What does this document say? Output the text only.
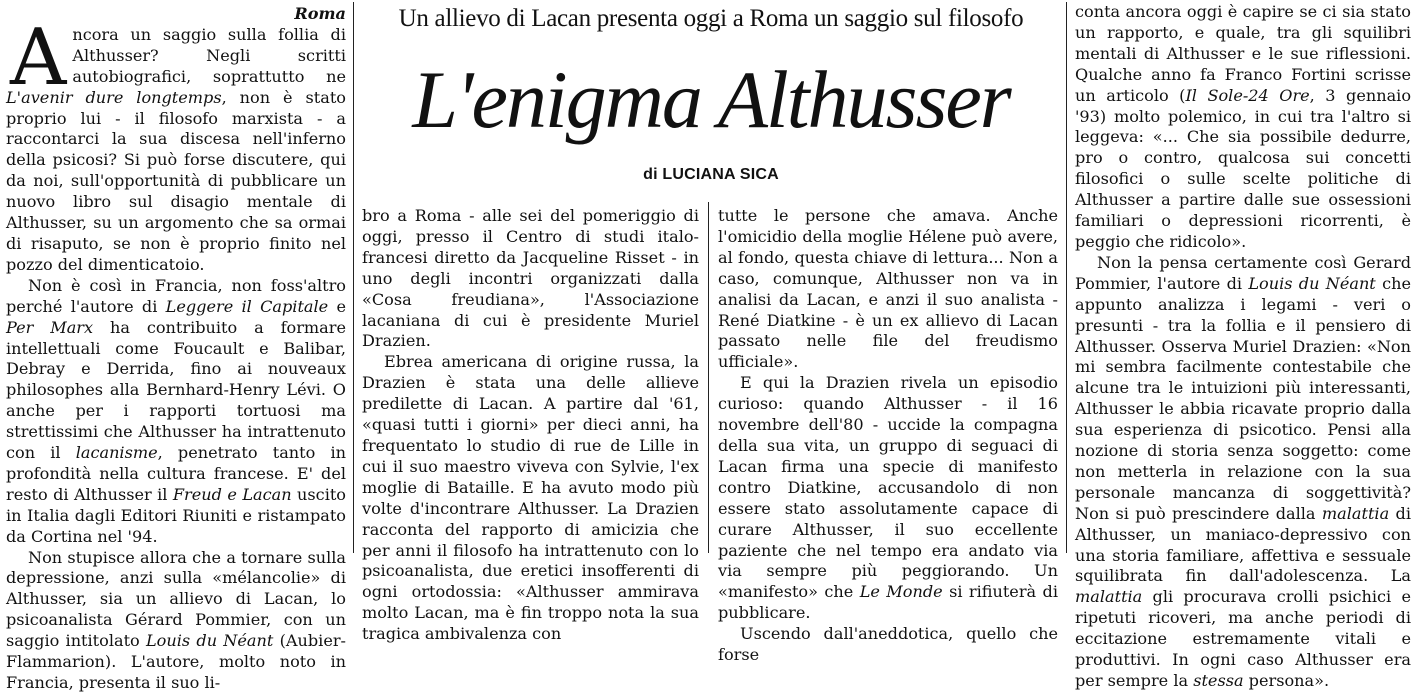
Un allievo di Lacan presenta oggi a Roma un saggio sul filosofo
L'enigma Althusser
di LUCIANA SICA
Roma

Ancora un saggio sulla follia di Althusser? Negli scritti autobiografici, soprattutto ne L'avenir dure longtemps, non è stato proprio lui - il filosofo marxista - a raccontarci la sua discesa nell'inferno della psicosi? Si può forse discutere, qui da noi, sull'opportunità di pubblicare un nuovo libro sul disagio mentale di Althusser, su un argomento che sa ormai di risaputo, se non è proprio finito nel pozzo del dimenticatoio.

Non è così in Francia, non foss'altro perché l'autore di Leggere il Capitale e Per Marx ha contribuito a formare intellettuali come Foucault e Balibar, Debray e Derrida, fino ai nouveaux philosophes alla Bernhard-Henry Lévi. O anche per i rapporti tortuosi ma strettissimi che Althusser ha intrattenuto con il lacanisme, penetrato tanto in profondità nella cultura francese. E' del resto di Althusser il Freud e Lacan uscito in Italia dagli Editori Riuniti e ristampato da Cortina nel '94.

Non stupisce allora che a tornare sulla depressione, anzi sulla «mélancolie» di Althusser, sia un allievo di Lacan, lo psicoanalista Gérard Pommier, con un saggio intitolato Louis du Néant (Aubier- Flammarion). L'autore, molto noto in Francia, presenta il suo li-

bro a Roma - alle sei del pomeriggio di oggi, presso il Centro di studi italo-francesi diretto da Jacqueline Risset - in uno degli incontri organizzati dalla «Cosa freudiana», l'Associazione lacaniana di cui è presidente Muriel Drazien.

Ebrea americana di origine russa, la Drazien è stata una delle allieve predilette di Lacan. A partire dal '61, «quasi tutti i giorni» per dieci anni, ha frequentato lo studio di rue de Lille in cui il suo maestro viveva con Sylvie, l'ex moglie di Bataille. E ha avuto modo più volte d'incontrare Althusser. La Drazien racconta del rapporto di amicizia che per anni il filosofo ha intrattenuto con lo psicoanalista, due eretici insofferenti di ogni ortodossia: «Althusser ammirava molto Lacan, ma è fin troppo nota la sua tragica ambivalenza con

tutte le persone che amava. Anche l'omicidio della moglie Hélene può avere, al fondo, questa chiave di lettura... Non a caso, comunque, Althusser non va in analisi da Lacan, e anzi il suo analista - René Diatkine - è un ex allievo di Lacan passato nelle file del freudismo ufficiale».

E qui la Drazien rivela un episodio curioso: quando Althusser - il 16 novembre dell'80 - uccide la compagna della sua vita, un gruppo di seguaci di Lacan firma una specie di manifesto contro Diatkine, accusandolo di non essere stato assolutamente capace di curare Althusser, il suo eccellente paziente che nel tempo era andato via via sempre più peggiorando. Un «manifesto» che Le Monde si rifiuterà di pubblicare.

Uscendo dall'aneddotica, quello che forse

conta ancora oggi è capire se ci sia stato un rapporto, e quale, tra gli squilibri mentali di Althusser e le sue riflessioni. Qualche anno fa Franco Fortini scrisse un articolo (Il Sole-24 Ore, 3 gennaio '93) molto polemico, in cui tra l'altro si leggeva: «... Che sia possibile dedurre, pro o contro, qualcosa sui concetti filosofici o sulle scelte politiche di Althusser a partire dalle sue ossessioni familiari o depressioni ricorrenti, è peggio che ridicolo».

Non la pensa certamente così Gerard Pommier, l'autore di Louis du Néant che appunto analizza i legami - veri o presunti - tra la follia e il pensiero di Althusser. Osserva Muriel Drazien: «Non mi sembra facilmente contestabile che alcune tra le intuizioni più interessanti, Althusser le abbia ricavate proprio dalla sua esperienza di psicotico. Pensi alla nozione di storia senza soggetto: come non metterla in relazione con la sua personale mancanza di soggettività? Non si può prescindere dalla malattia di Althusser, un maniaco-depressivo con una storia familiare, affettiva e sessuale squilibrata fin dall'adolescenza. La malattia gli procurava crolli psichici e ripetuti ricoveri, ma anche periodi di eccitazione estremamente vitali e produttivi. In ogni caso Althusser era per sempre la stessa persona».
